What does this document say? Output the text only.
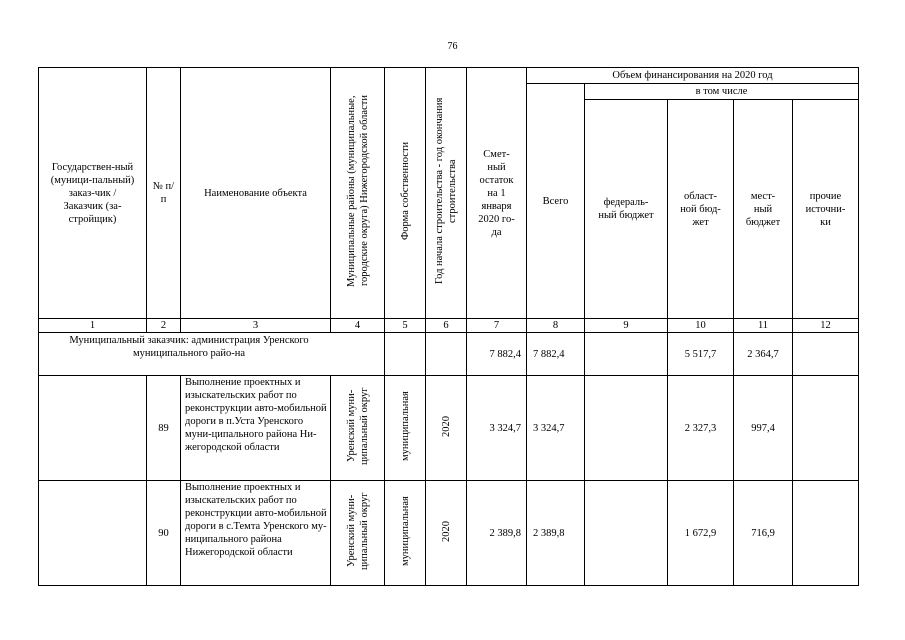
76
Государствен-ный (муници-пальный) заказ-чик / Заказчик (за-стройщик)	№ п/п	Наименование объекта	Муниципальные районы (муниципальные, городские округа) Нижегородской области	Форма собственности	Год начала строительства - год окончания строительства	Смет-ный остаток на 1 января 2020 го-да	Объем финансирования на 2020 год				
							Всего	в том числе			

								федераль-ный бюджет	област-ной бюд-жет	мест-ный бюджет	прочие источни-ки

1	2	3	4	5	6	7	8	9	10	11	12

Муниципальный заказчик: администрация Уренского муниципального райо-на						7 882,4	7 882,4		5 517,7	2 364,7	
	89	Выполнение проектных и изыскательских работ по реконструкции авто-мобильной дороги в п.Уста Уренского муни-ципального района Ни-жегородской области	Уренский муни-ципальный округ	муниципальная	2020	3 324,7	3 324,7		2 327,3	997,4	
	90	Выполнение проектных и изыскательских работ по реконструкции авто-мобильной дороги в с.Темта Уренского му-ниципального района Нижегородской области	Уренский муни-ципальный округ	муниципальная	2020	2 389,8	2 389,8		1 672,9	716,9	
